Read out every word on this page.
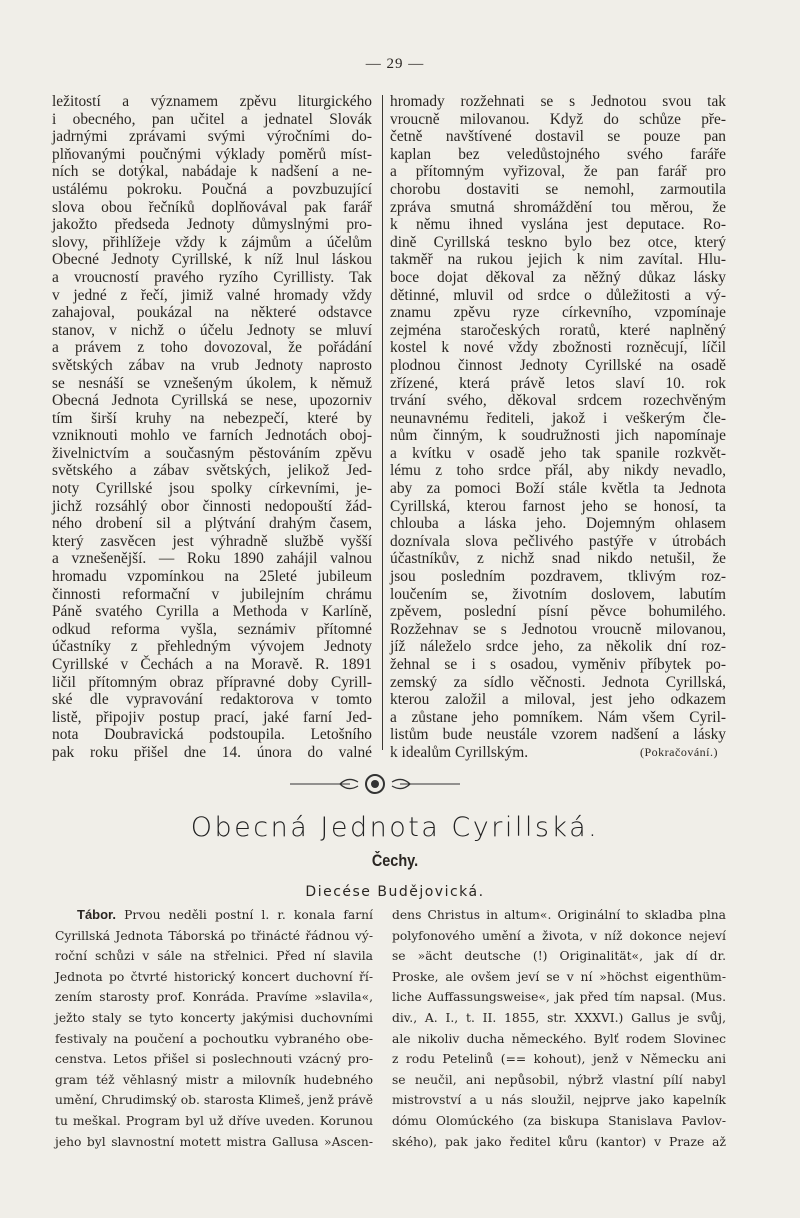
— 29 —
ležitostí a významem zpěvu liturgického
i obecného, pan učitel a jednatel Slovák
jadrnými zprávami svými výročními do-
plňovanými poučnými výklady poměrů míst-
ních se dotýkal, nabádaje k nadšení a ne-
ustálému pokroku. Poučná a povzbuzující
slova obou řečníků doplňovával pak farář
jakožto předseda Jednoty důmyslnými pro-
slovy, přihlížeje vždy k zájmům a účelům
Obecné Jednoty Cyrillské, k níž lnul láskou
a vroucností pravého ryzího Cyrillisty. Tak
v jedné z řečí, jimiž valné hromady vždy
zahajoval, poukázal na některé odstavce
stanov, v nichž o účelu Jednoty se mluví
a právem z toho dovozoval, že pořádání
světských zábav na vrub Jednoty naprosto
se nesnáší se vznešeným úkolem, k němuž
Obecná Jednota Cyrillská se nese, upozorniv
tím širší kruhy na nebezpečí, které by
vzniknouti mohlo ve farních Jednotách oboj-
živelnictvím a současným pěstováním zpěvu
světského a zábav světských, jelikož Jed-
noty Cyrillské jsou spolky církevními, je-
jichž rozsáhlý obor činnosti nedopouští žád-
ného drobení sil a plýtvání drahým časem,
který zasvěcen jest výhradně službě vyšší
a vznešenější. — Roku 1890 zahájil valnou
hromadu vzpomínkou na 25leté jubileum
činnosti reformační v jubilejním chrámu
Páně svatého Cyrilla a Methoda v Karlíně,
odkud reforma vyšla, seznámiv přítomné
účastníky z přehledným vývojem Jednoty
Cyrillské v Čechách a na Moravě. R. 1891
ličil přítomným obraz přípravné doby Cyrill-
ské dle vypravování redaktorova v tomto
listě, připojiv postup prací, jaké farní Jed-
nota Doubravická podstoupila. Letošního
pak roku přišel dne 14. února do valné
hromady rozžehnati se s Jednotou svou tak
vroucně milovanou. Když do schůze pře-
četně navštívené dostavil se pouze pan
kaplan bez veledůstojného svého faráře
a přítomným vyřizoval, že pan farář pro
chorobu dostaviti se nemohl, zarmoutila
zpráva smutná shromáždění tou měrou, že
k němu ihned vyslána jest deputace. Ro-
dině Cyrillská teskno bylo bez otce, který
takměř na rukou jejich k nim zavítal. Hlu-
boce dojat děkoval za něžný důkaz lásky
dětinné, mluvil od srdce o důležitosti a vý-
znamu zpěvu ryze církevního, vzpomínaje
zejména staročeských roratů, které naplněný
kostel k nové vždy zbožnosti rozněcují, líčil
plodnou činnost Jednoty Cyrillské na osadě
zřízené, která právě letos slaví 10. rok
trvání svého, děkoval srdcem rozechvěným
neunavnému řediteli, jakož i veškerým čle-
nům činným, k soudružnosti jich napomínaje
a kvítku v osadě jeho tak spanile rozkvět-
lému z toho srdce přál, aby nikdy nevadlo,
aby za pomoci Boží stále květla ta Jednota
Cyrillská, kterou farnost jeho se honosí, ta
chlouba a láska jeho. Dojemným ohlasem
doznívala slova pečlivého pastýře v útrobách
účastníkův, z nichž snad nikdo netušil, že
jsou posledním pozdravem, tklivým roz-
loučením se, životním doslovem, labutím
zpěvem, poslední písní pěvce bohumilého.
Rozžehnav se s Jednotou vroucně milovanou,
jíž náleželo srdce jeho, za několik dní roz-
žehnal se i s osadou, vyměniv příbytek po-
zemský za sídlo věčnosti. Jednota Cyrillská,
kterou založil a miloval, jest jeho odkazem
a zůstane jeho pomníkem. Nám všem Cyril-
listům bude neustále vzorem nadšení a lásky
k idealům Cyrillským.	(Pokračování.)
Obecná Jednota Cyrillská.
Čechy.
Diecése Budějovická.
Tábor. Prvou neděli postní l. r. konala farní
Cyrillská Jednota Táborská po třinácté řádnou vý-
roční schůzi v sále na střelnici. Před ní slavila
Jednota po čtvrté historický koncert duchovní ří-
zením starosty prof. Konráda. Pravíme »slavila«,
ježto staly se tyto koncerty jakýmisi duchovními
festivaly na poučení a pochoutku vybraného obe-
censtva. Letos přišel si poslechnouti vzácný pro-
gram též věhlasný mistr a milovník hudebného
umění, Chrudimský ob. starosta Klimeš, jenž právě
tu meškal. Program byl už dříve uveden. Korunou
jeho byl slavnostní motett mistra Gallusa »Ascen-
dens Christus in altum«. Originální to skladba plna
polyfonového umění a života, v níž dokonce nejeví
se »ächt deutsche (!) Originalität«, jak dí dr.
Proske, ale ovšem jeví se v ní »höchst eigenthüm-
liche Auffassungsweise«, jak před tím napsal. (Mus.
div., A. I., t. II. 1855, str. XXXVI.) Gallus je svůj,
ale nikoliv ducha německého. Bylť rodem Slovinec
z rodu Petelinů (== kohout), jenž v Německu ani
se neučil, ani nepůsobil, nýbrž vlastní pílí nabyl
mistrovství a u nás sloužil, nejprve jako kapelník
dómu Olomúckého (za biskupa Stanislava Pavlov-
ského), pak jako ředitel kůru (kantor) v Praze až
